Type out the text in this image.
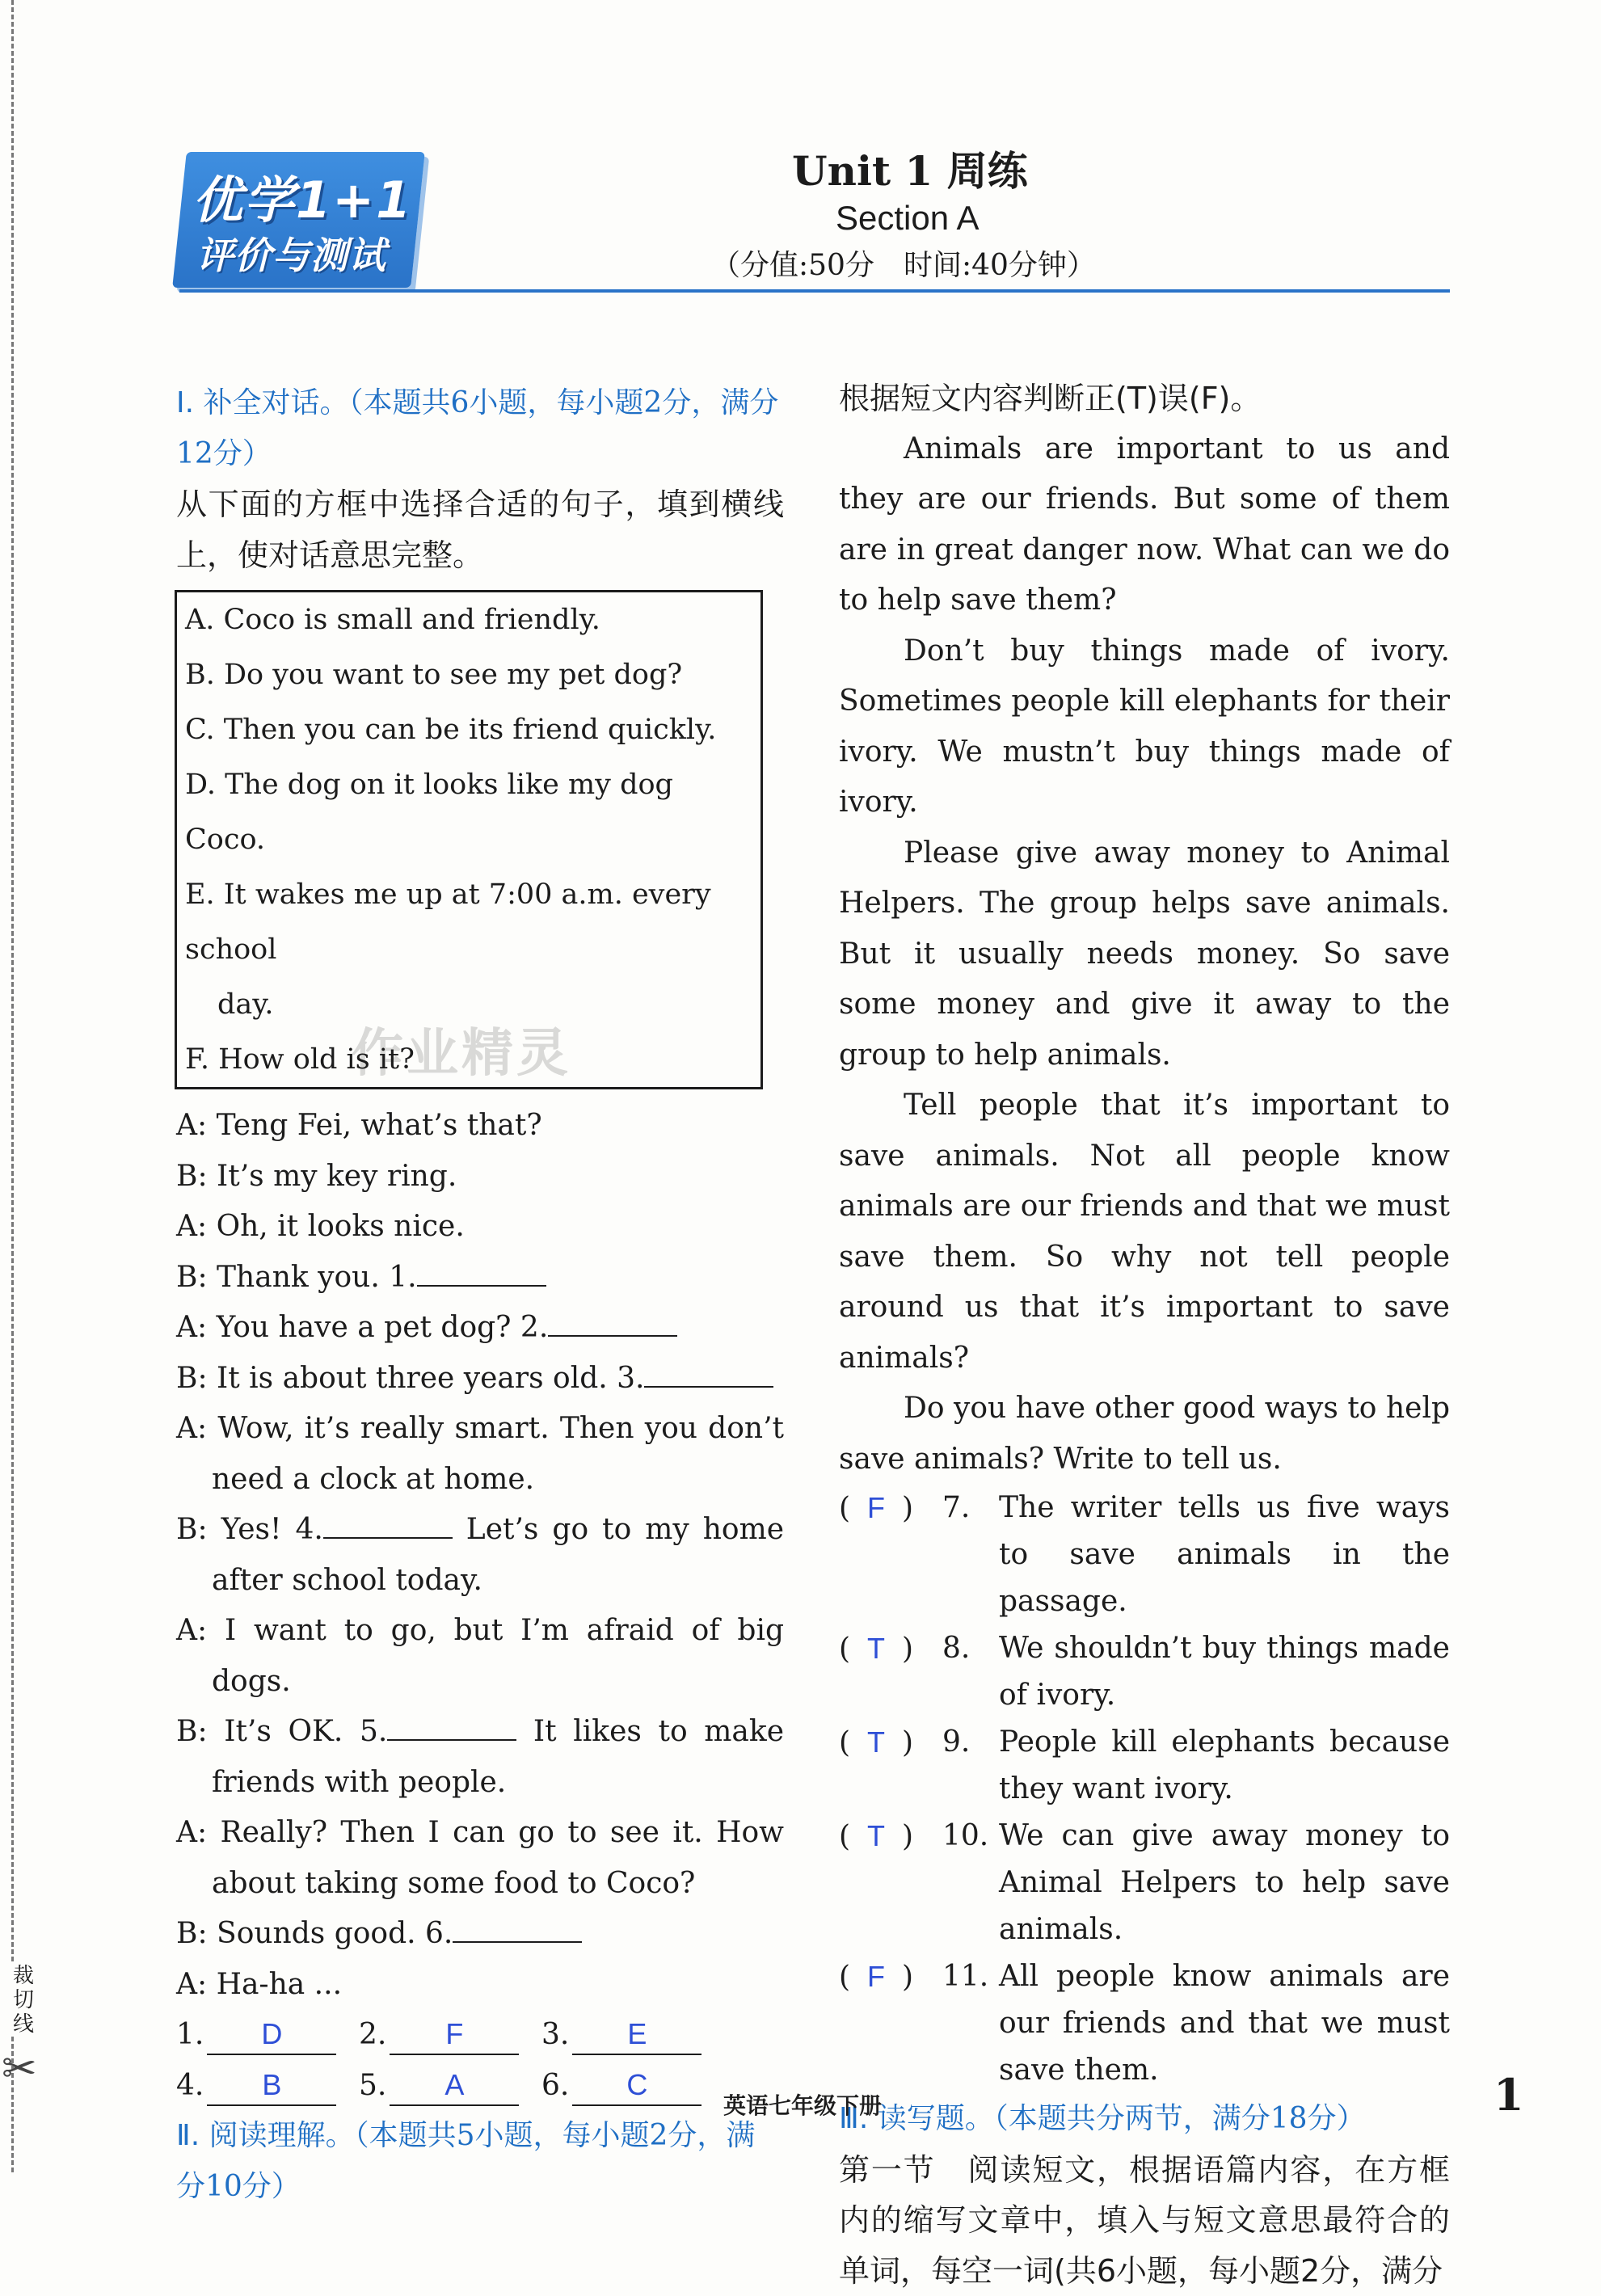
裁切线
✂
优学1+1
评价与测试
Unit 1 周练
Section A
（分值:50分　时间:40分钟）
作业精灵

Ⅰ. 补全对话。（本题共6小题，每小题2分，满分12分）

从下面的方框中选择合适的句子，填到横线上，使对话意思完整。

A. Coco is small and friendly.
B. Do you want to see my pet dog?
C. Then you can be its friend quickly.
D. The dog on it looks like my dog Coco.
E. It wakes me up at 7:00 a.m. every school
day.
F. How old is it?

A: Teng Fei, what’s that?

B: It’s my key ring.

A: Oh, it looks nice.

B: Thank you. 1.

A: You have a pet dog? 2.

B: It is about three years old. 3.

A: Wow, it’s really smart. Then you don’t need a clock at home.

B: Yes! 4.	Let’s go to my home after school today.

A: I want to go, but I’m afraid of big dogs.

B: It’s OK. 5.	It likes to make friends with people.

A: Really? Then I can go to see it. How about taking some food to Coco?

B: Sounds good. 6.

A: Ha-ha ...

1.	D	2.	F	3.	E
4.	B	5.	A	6.	C

Ⅱ. 阅读理解。（本题共5小题，每小题2分，满分10分）

根据短文内容判断正(T)误(F)。

Animals are important to us and they are our friends. But some of them are in great danger now. What can we do to help save them?

Don’t buy things made of ivory. Sometimes people kill elephants for their ivory. We mustn’t buy things made of ivory.

Please give away money to Animal Helpers. The group helps save animals. But it usually needs money. So save some money and give it away to the group to help animals.

Tell people that it’s important to save animals. Not all people know animals are our friends and that we must save them. So why not tell people around us that it’s important to save animals?

Do you have other good ways to help save animals? Write to tell us.

( F ) 7. The writer tells us five ways to save animals in the passage.
( T ) 8. We shouldn’t buy things made of ivory.
( T ) 9. People kill elephants because they want ivory.
( T ) 10. We can give away money to Animal Helpers to help save animals.
( F ) 11. All people know animals are our friends and that we must save them.

Ⅲ. 读写题。（本题共分两节，满分18分）

第一节　阅读短文，根据语篇内容，在方框内的缩写文章中，填入与短文意思最符合的单词，每空一词(共6小题，每小题2分，满分

英语七年级下册	1
